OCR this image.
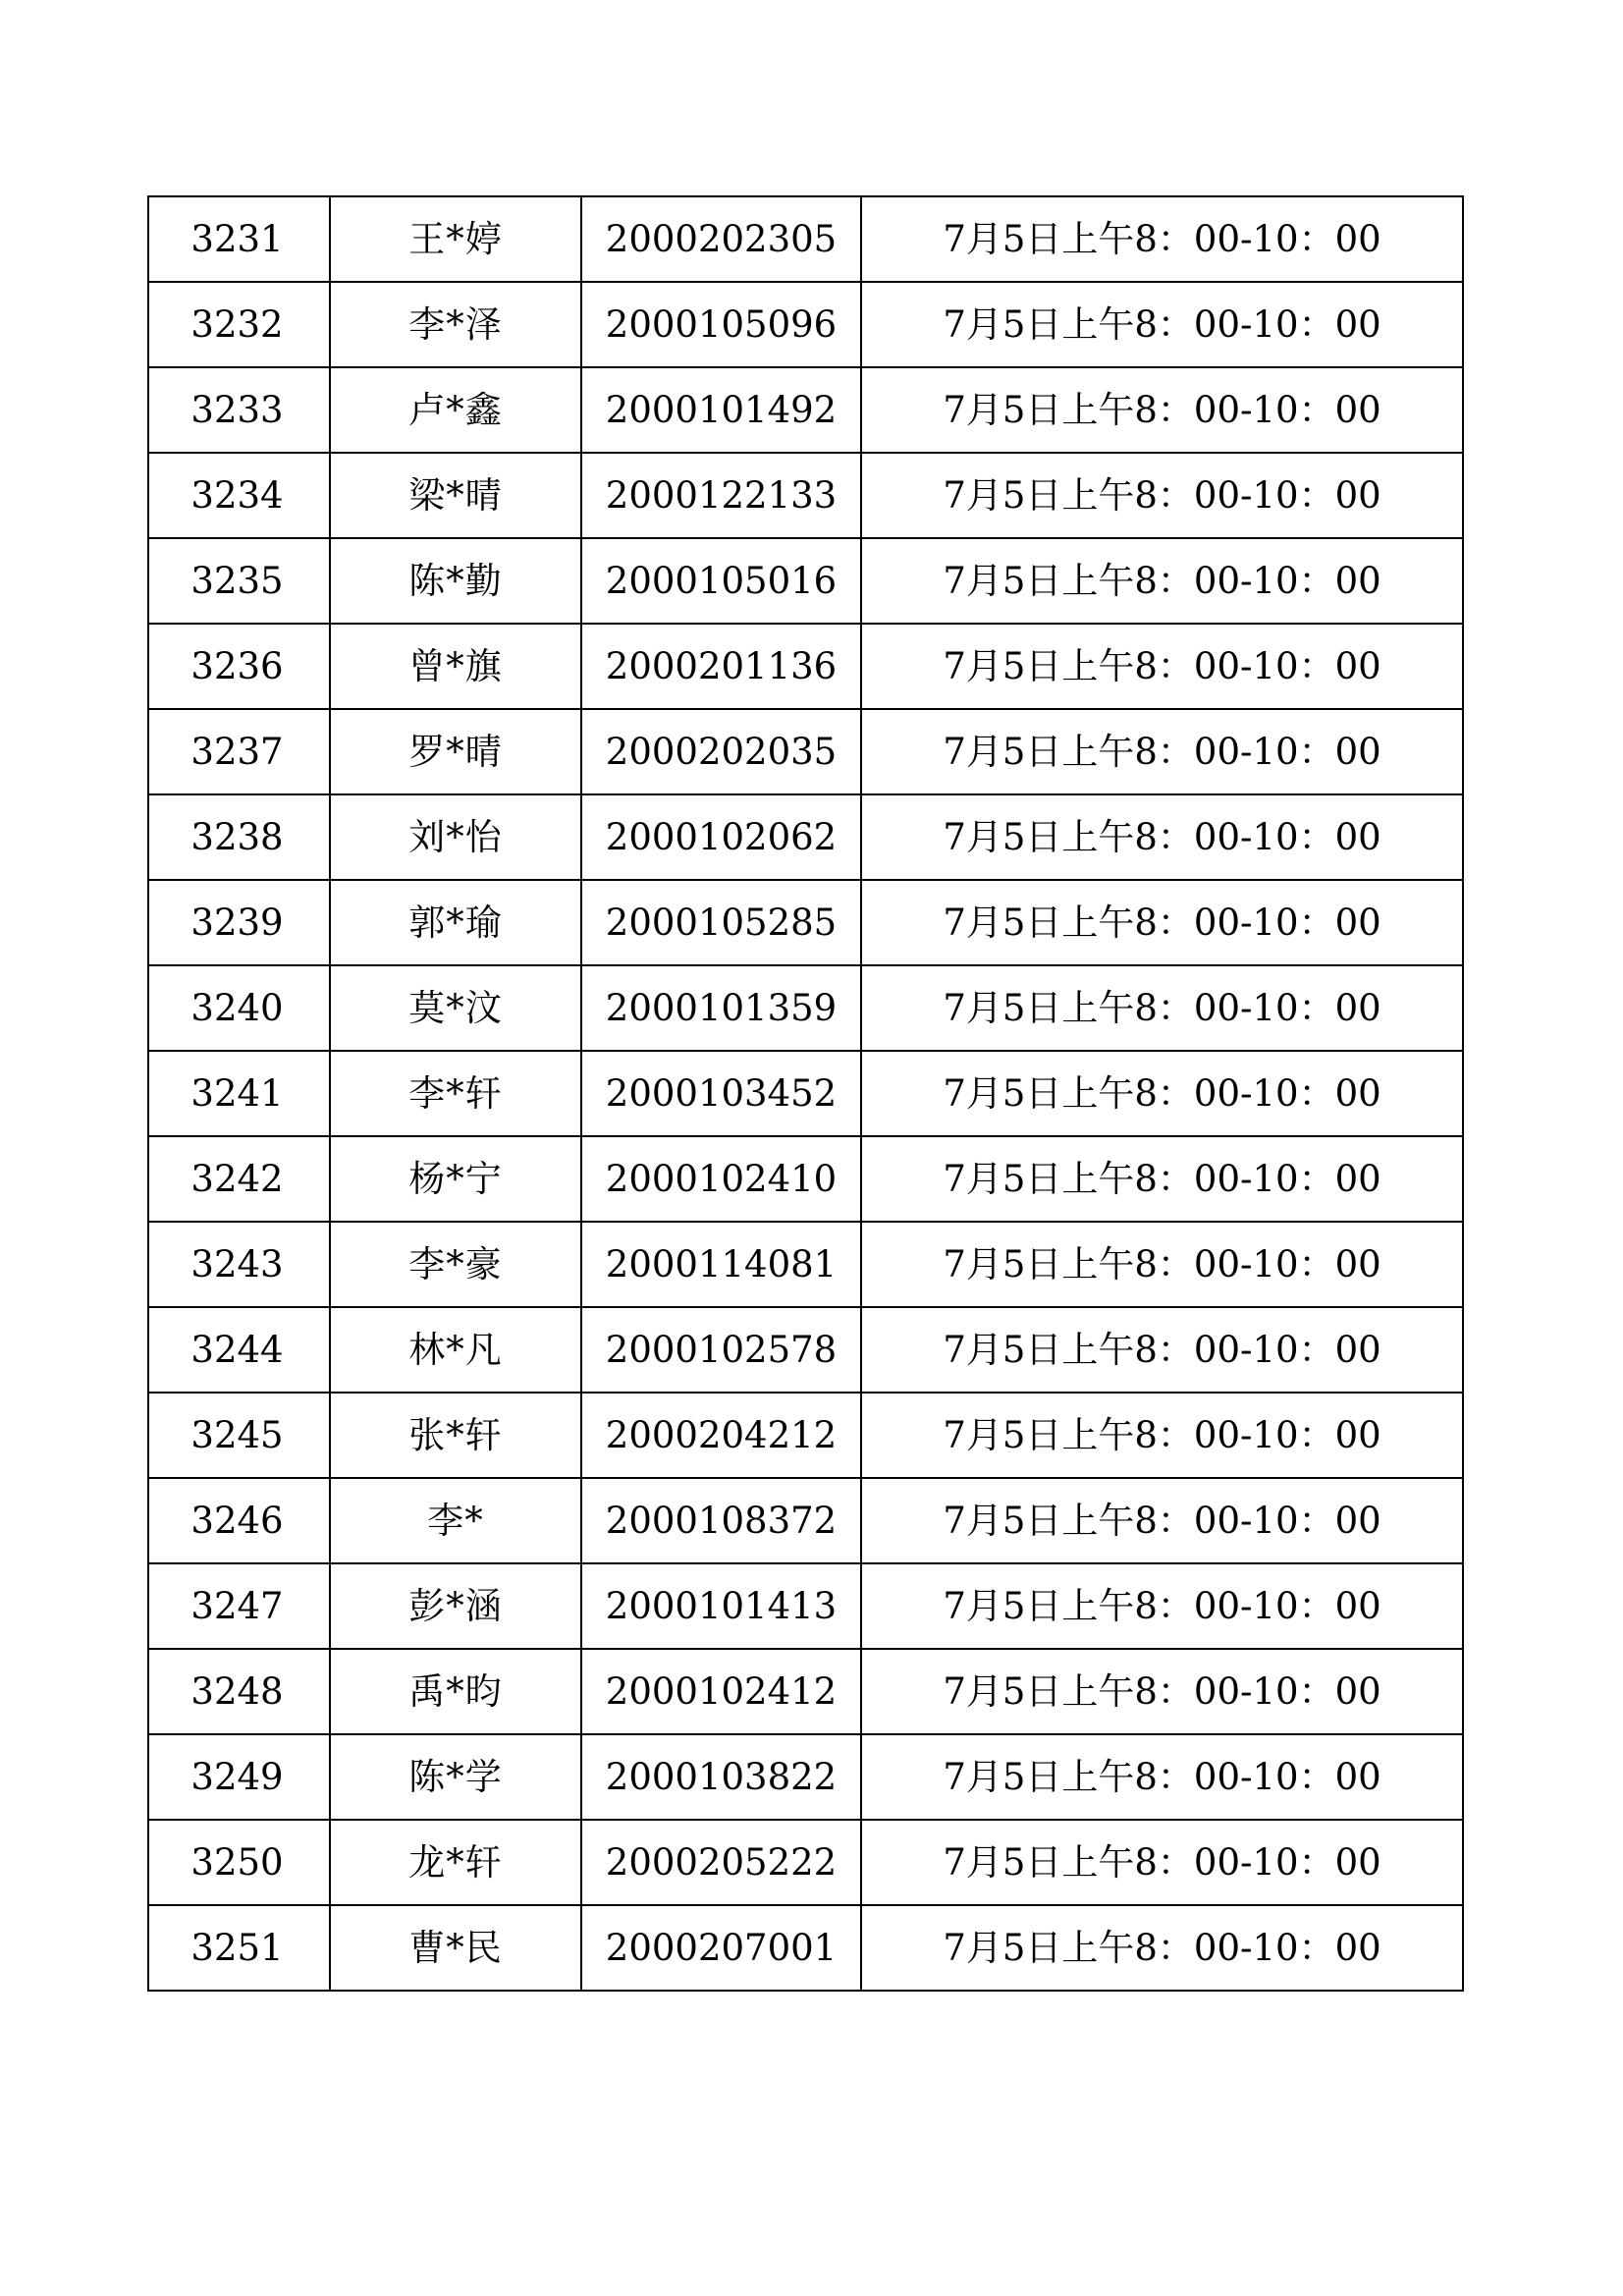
3231	王*婷	2000202305	7月5日上午8：00-10：00
3232	李*泽	2000105096	7月5日上午8：00-10：00
3233	卢*鑫	2000101492	7月5日上午8：00-10：00
3234	梁*晴	2000122133	7月5日上午8：00-10：00
3235	陈*勤	2000105016	7月5日上午8：00-10：00
3236	曾*旗	2000201136	7月5日上午8：00-10：00
3237	罗*晴	2000202035	7月5日上午8：00-10：00
3238	刘*怡	2000102062	7月5日上午8：00-10：00
3239	郭*瑜	2000105285	7月5日上午8：00-10：00
3240	莫*汶	2000101359	7月5日上午8：00-10：00
3241	李*轩	2000103452	7月5日上午8：00-10：00
3242	杨*宁	2000102410	7月5日上午8：00-10：00
3243	李*豪	2000114081	7月5日上午8：00-10：00
3244	林*凡	2000102578	7月5日上午8：00-10：00
3245	张*轩	2000204212	7月5日上午8：00-10：00
3246	李*	2000108372	7月5日上午8：00-10：00
3247	彭*涵	2000101413	7月5日上午8：00-10：00
3248	禹*昀	2000102412	7月5日上午8：00-10：00
3249	陈*学	2000103822	7月5日上午8：00-10：00
3250	龙*轩	2000205222	7月5日上午8：00-10：00
3251	曹*民	2000207001	7月5日上午8：00-10：00
